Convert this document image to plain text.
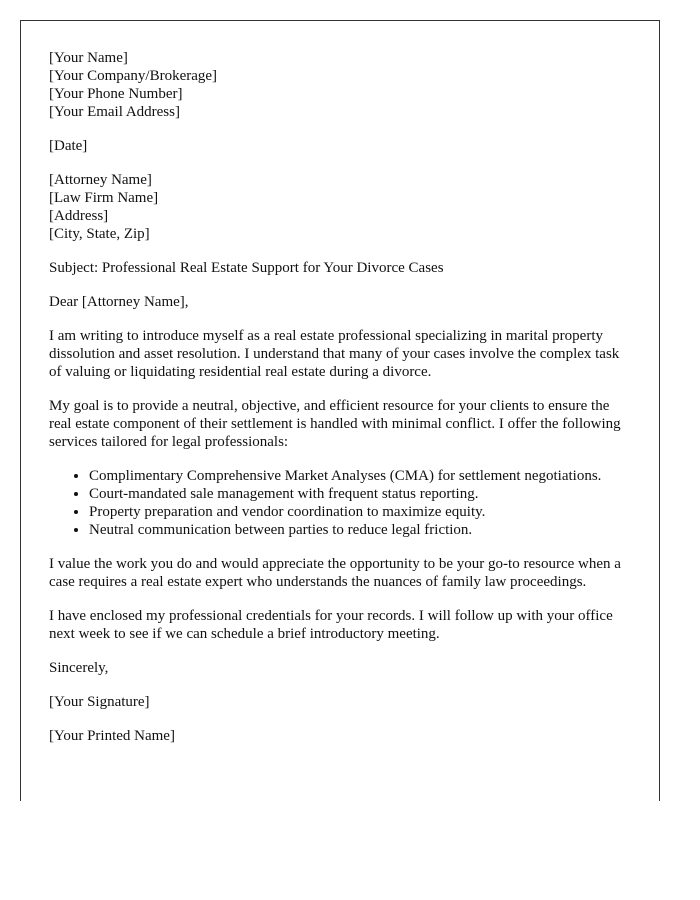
[Your Name]
[Your Company/Brokerage]
[Your Phone Number]
[Your Email Address]

[Date]

[Attorney Name]
[Law Firm Name]
[Address]
[City, State, Zip]

Subject: Professional Real Estate Support for Your Divorce Cases

Dear [Attorney Name],

I am writing to introduce myself as a real estate professional specializing in marital property dissolution and asset resolution. I understand that many of your cases involve the complex task of valuing or liquidating residential real estate during a divorce.

My goal is to provide a neutral, objective, and efficient resource for your clients to ensure the real estate component of their settlement is handled with minimal conflict. I offer the following services tailored for legal professionals:

• Complimentary Comprehensive Market Analyses (CMA) for settlement negotiations.
• Court-mandated sale management with frequent status reporting.
• Property preparation and vendor coordination to maximize equity.
• Neutral communication between parties to reduce legal friction.

I value the work you do and would appreciate the opportunity to be your go-to resource when a case requires a real estate expert who understands the nuances of family law proceedings.

I have enclosed my professional credentials for your records. I will follow up with your office next week to see if we can schedule a brief introductory meeting.

Sincerely,

[Your Signature]

[Your Printed Name]
